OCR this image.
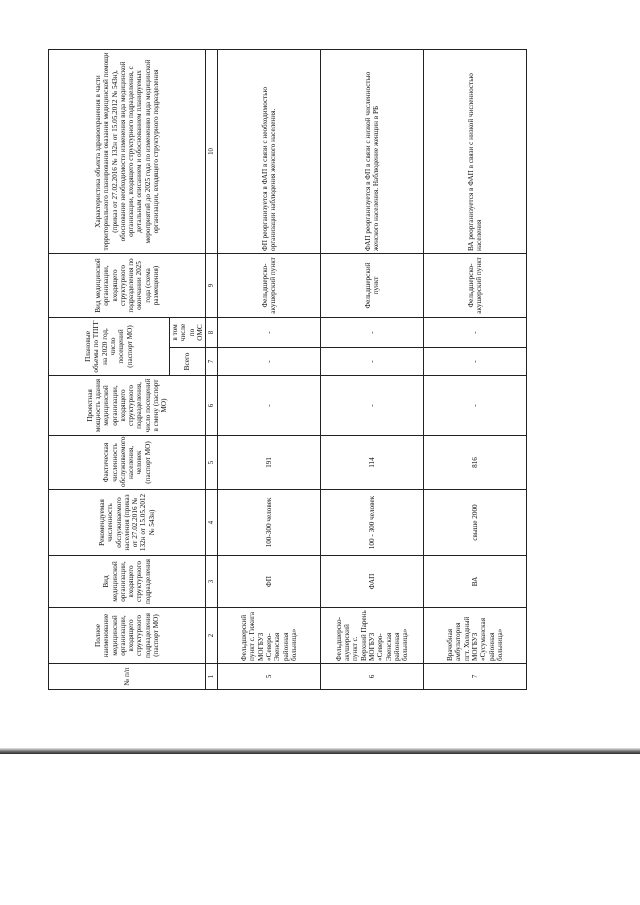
№ п/п	Полное наименование медицинской организации, входящего структурного подразделения (паспорт МО)	Вид медицинской организации, входящего структурного подразделения	Рекомендуемая численность обслуживаемого населения (приказ от 27.02.2016 № 132н от 15.05.2012 № 543н)	Фактическая численность обслуживаемого населения, человек (паспорт МО)	Проектная мощность здания медицинской организации, входящего структурного подразделения, число посещений в смену (паспорт МО)	Плановые объемы по ТПГГ на 2020 год, число посещений (паспорт МО)		Вид медицинской организации, входящего структурного подразделения по окончании 2025 года (схема размещения)	Характеристика объекта здравоохранения в части территориального планирования оказания медицинской помощи (приказ от 27.02.2016 № 132н от 15.05.2012 № 543н), обоснование необходимости изменения вида медицинской организации, входящего структурного подразделения, с детальным описанием и обоснованием планируемых мероприятий до 2025 года по изменению вида медицинской организации, входящего структурного подразделения
						Всего	в том числе по ОМС		
1	2	3	4	5	6	7	8	9	10
5	Фельдшерский пункт с. Гижига МОГБУЗ «Северо-Эвенская районная больница»	ФП	100-300 человек	191	-	-	-	Фельдшерско-акушерский пункт	ФП реорганизуется в ФАП в связи с необходимостью организации наблюдения женского населения.
6	Фельдшерско-акушерский пункт с. Верхний Парень МОГБУЗ «Северо-Эвенская районная больница»	ФАП	100 - 300 человек	114	-	-	-	Фельдшерский пункт	ФАП реорганизуется в ФП в связи с низкой численностью женского населения. Наблюдение женщин в РБ
7	Врачебная амбулатория пгт. Холодный МОГБУЗ «Сусуманская районная больница»	ВА	свыше 2000	816	-	-	-	Фельдшерско-акушерский пункт	ВА реорганизуется в ФАП в связи с низкой численностью населения
